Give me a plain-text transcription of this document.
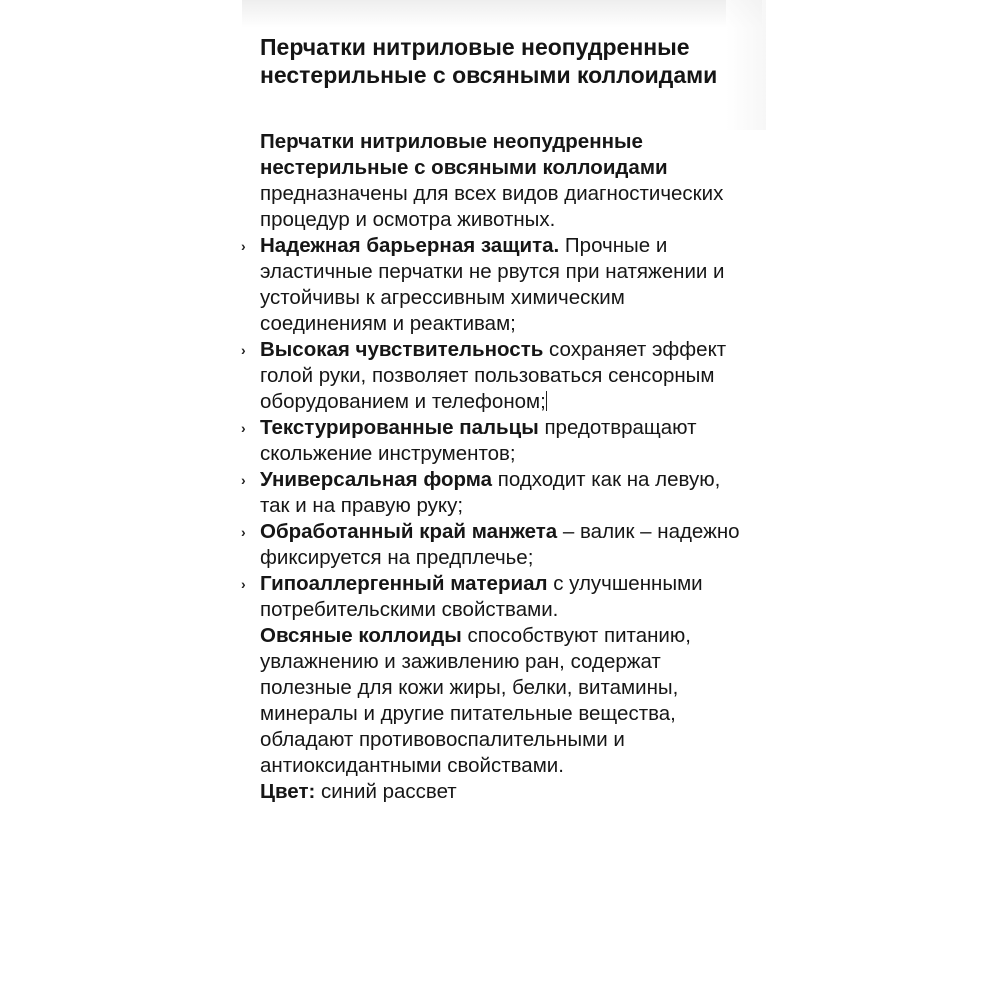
Перчатки нитриловые неопудренные нестерильные с овсяными коллоидами

Перчатки нитриловые неопудренные нестерильные с овсяными коллоидами предназначены для всех видов диагностических процедур и осмотра животных.

› Надежная барьерная защита. Прочные и эластичные перчатки не рвутся при натяжении и устойчивы к агрессивным химическим соединениям и реактивам;
› Высокая чувствительность сохраняет эффект голой руки, позволяет пользоваться сенсорным оборудованием и телефоном;
› Текстурированные пальцы предотвращают скольжение инструментов;
› Универсальная форма подходит как на левую, так и на правую руку;
› Обработанный край манжета – валик – надежно фиксируется на предплечье;
› Гипоаллергенный материал с улучшенными потребительскими свойствами.

Овсяные коллоиды способствуют питанию, увлажнению и заживлению ран, содержат полезные для кожи жиры, белки, витамины, минералы и другие питательные вещества, обладают противовоспалительными и антиоксидантными свойствами.

Цвет: синий рассвет
